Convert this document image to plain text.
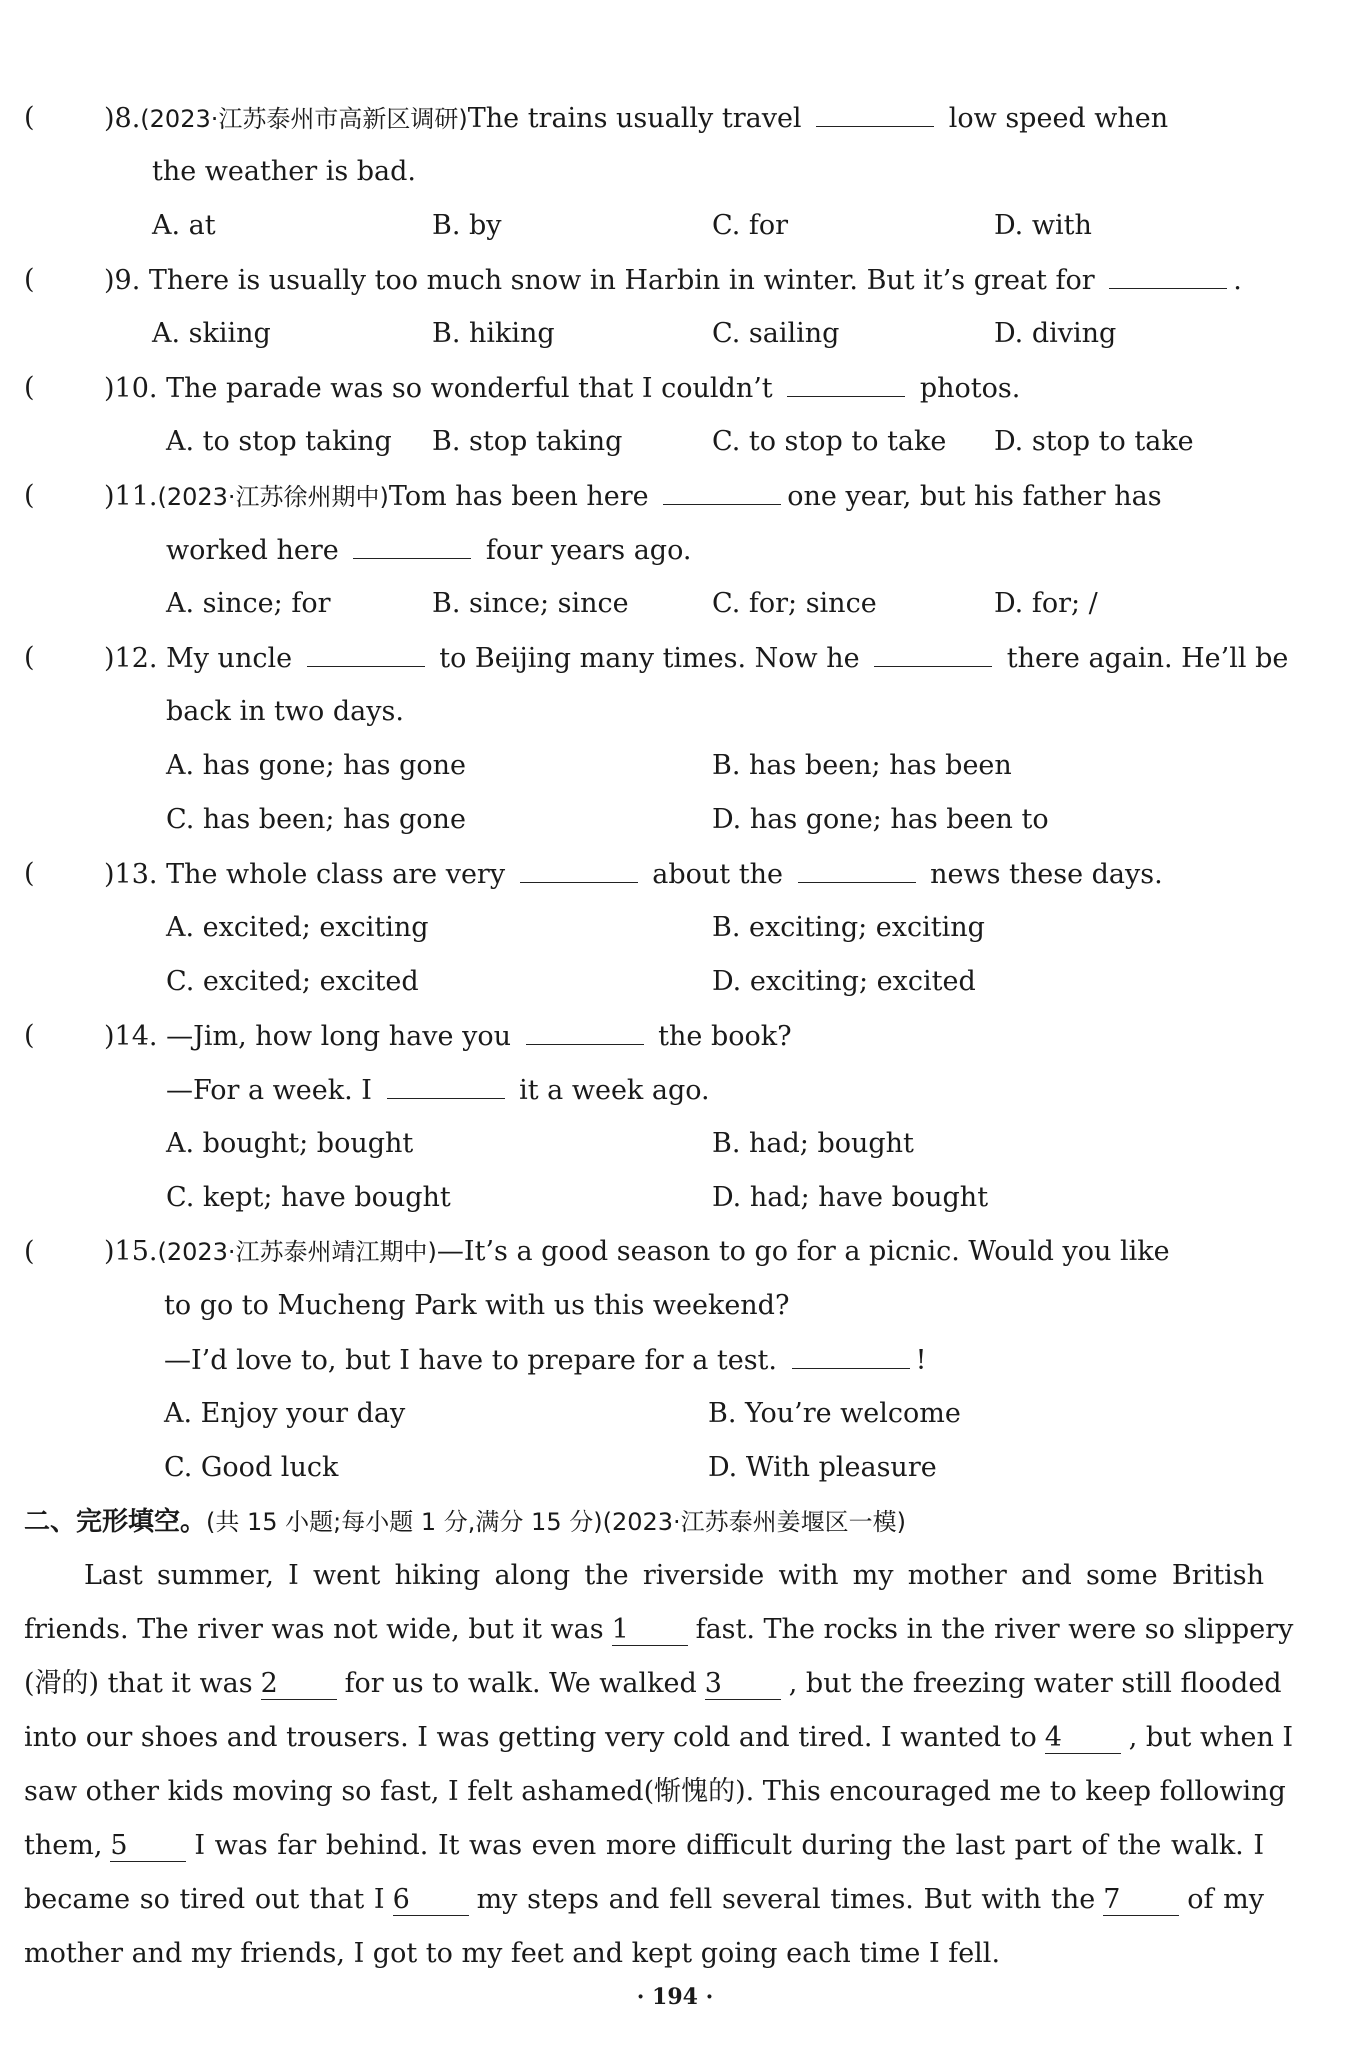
(	)8.(2023·江苏泰州市高新区调研)The trains usually travel	low speed when
the weather is bad.
A. at	B. by	C. for	D. with
(	)9. There is usually too much snow in Harbin in winter. But it’s great for	.
A. skiing	B. hiking	C. sailing	D. diving
(	)10. The parade was so wonderful that I couldn’t	photos.
A. to stop taking B. stop taking	C. to stop to take D. stop to take
(	)11.(2023·江苏徐州期中)Tom has been here	one year, but his father has
worked here	four years ago.
A. since; for	B. since; since	C. for; since	D. for; /
(	)12. My uncle	to Beijing many times. Now he	there again. He’ll be
back in two days.
A. has gone; has gone	B. has been; has been
C. has been; has gone	D. has gone; has been to
(	)13. The whole class are very	about the	news these days.
A. excited; exciting	B. exciting; exciting
C. excited; excited	D. exciting; excited
(	)14. —Jim, how long have you	the book?
—For a week. I	it a week ago.
A. bought; bought	B. had; bought
C. kept; have bought	D. had; have bought
(	)15.(2023·江苏泰州靖江期中)—It’s a good season to go for a picnic. Would you like
to go to Mucheng Park with us this weekend?
—I’d love to, but I have to prepare for a test.	!
A. Enjoy your day	B. You’re welcome
C. Good luck	D. With pleasure
二、完形填空。(共 15 小题;每小题 1 分,满分 15 分)(2023·江苏泰州姜堰区一模)
Last summer, I went hiking along the riverside with my mother and some British
friends. The river was not wide, but it was 1 fast. The rocks in the river were so slippery
(滑的) that it was 2 for us to walk. We walked 3 , but the freezing water still flooded
into our shoes and trousers. I was getting very cold and tired. I wanted to 4 , but when I
saw other kids moving so fast, I felt ashamed(惭愧的). This encouraged me to keep following
them, 5 I was far behind. It was even more difficult during the last part of the walk. I
became so tired out that I 6 my steps and fell several times. But with the 7 of my
mother and my friends, I got to my feet and kept going each time I fell.
· 194 ·
